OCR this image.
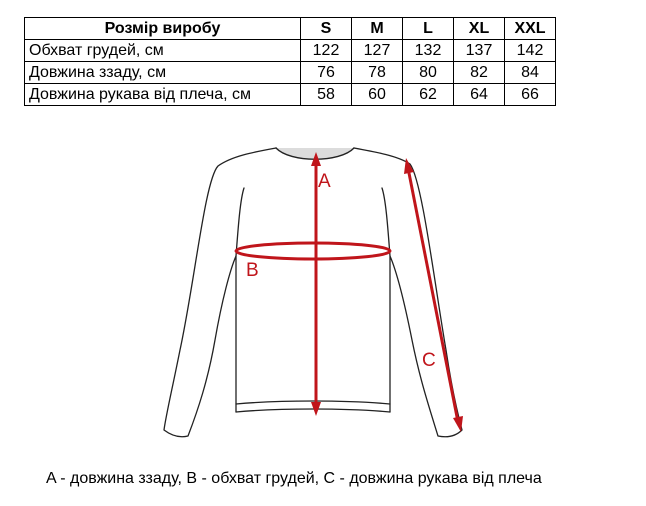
Розмір виробу	S	M	L	XL	XXL
Обхват грудей, см	122	127	132	137	142
Довжина ззаду, см	76	78	80	82	84
Довжина рукава від плеча, см	58	60	62	64	66
A
B
C
A - довжина ззаду, B - обхват грудей, C - довжина рукава від плеча
